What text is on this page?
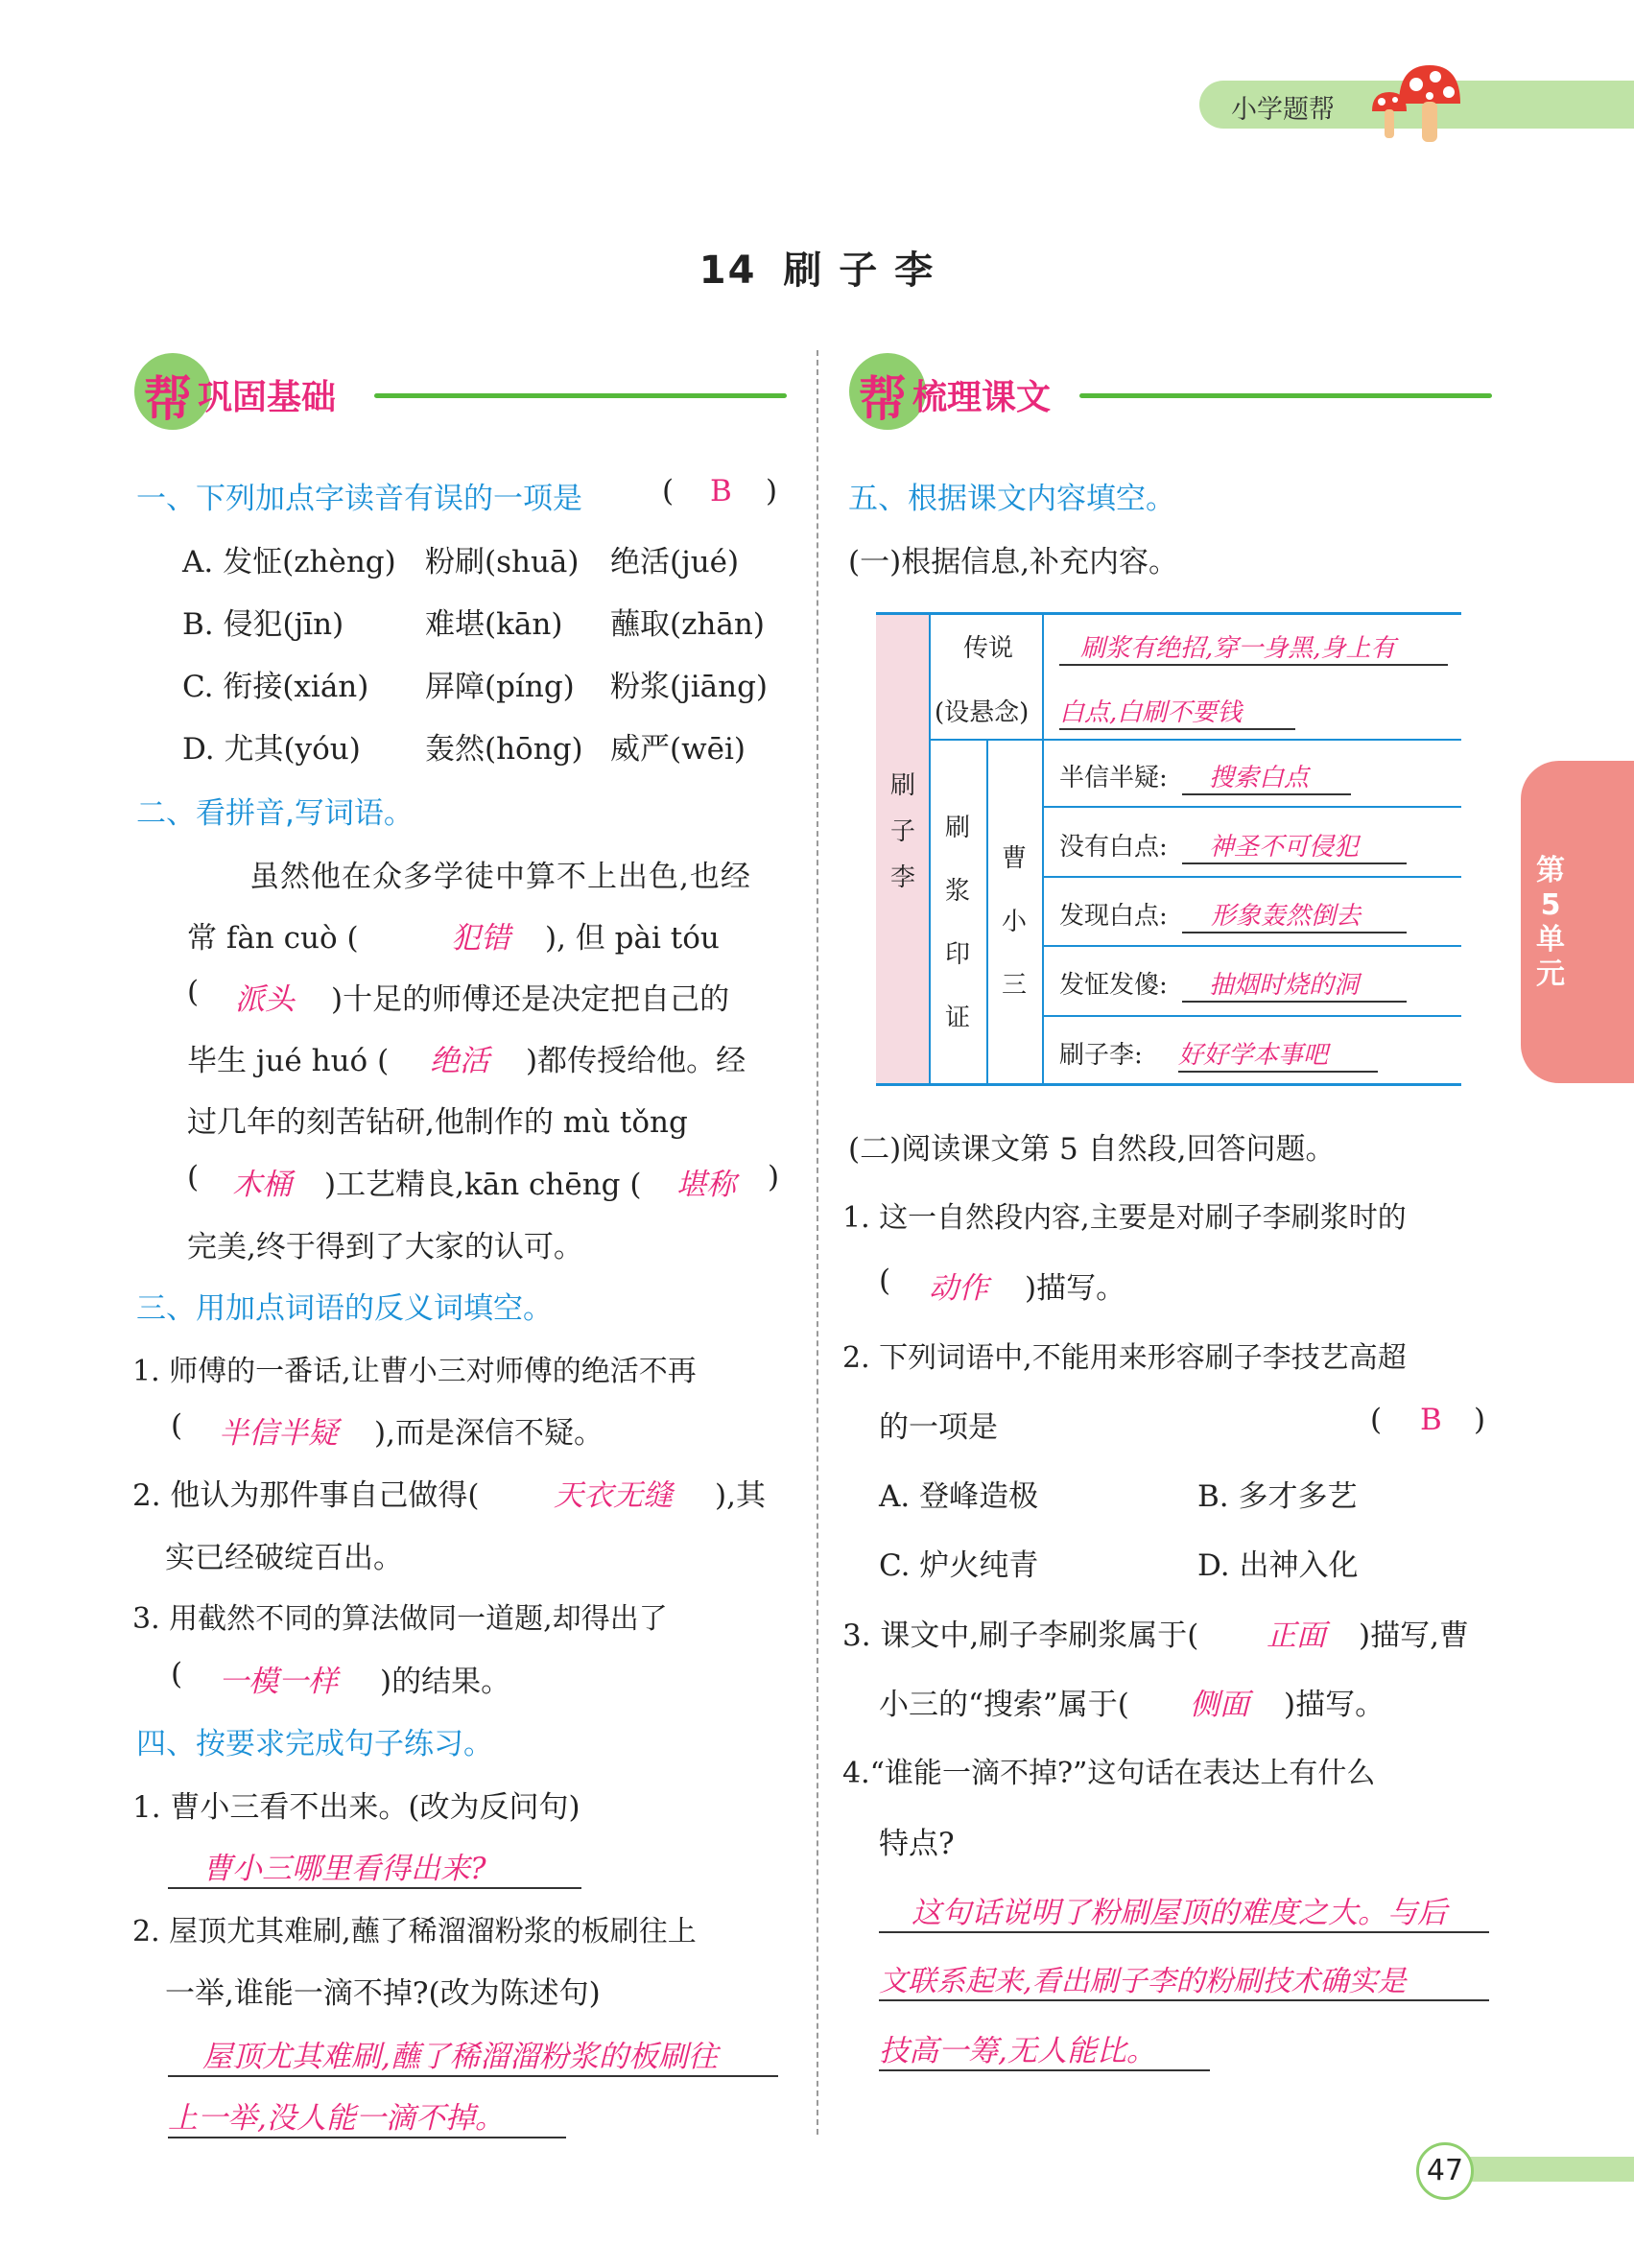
小学题帮
14 刷 子 李
帮 巩固基础	帮 梳理课文
一、下列加点字读音有误的一项是	( B )
A. 发怔(zhèng) 粉刷(shuā) 绝活(jué)
B. 侵犯(jīn)	难堪(kān) 蘸取(zhān)
C. 衔接(xián) 屏障(píng) 粉浆(jiāng)
D. 尤其(yóu) 轰然(hōng) 威严(wēi)
二、看拼音,写词语。
虽然他在众多学徒中算不上出色,也经
常 fàn cuò (	犯错 ), 但 pài tóu
( 派头 )十足的师傅还是决定把自己的
毕生 jué huó ( 绝活 )都传授给他。经
过几年的刻苦钻研,他制作的 mù tǒng
( 木桶 )工艺精良,kān chēng ( 堪称 )
完美,终于得到了大家的认可。
三、用加点词语的反义词填空。
1. 师傅的一番话,让曹小三对师傅的绝活不再
( 半信半疑 ),而是深信不疑。
2. 他认为那件事自己做得( 天衣无缝 ),其
实已经破绽百出。
3. 用截然不同的算法做同一道题,却得出了
( 一模一样 )的结果。
四、按要求完成句子练习。
1. 曹小三看不出来。(改为反问句)
曹小三哪里看得出来?
2. 屋顶尤其难刷,蘸了稀溜溜粉浆的板刷往上
一举,谁能一滴不掉?(改为陈述句)
屋顶尤其难刷,蘸了稀溜溜粉浆的板刷往
上一举,没人能一滴不掉。
五、根据课文内容填空。
(一)根据信息,补充内容。
刷子李
传说
(设悬念)
刷浆有绝招,穿一身黑,身上有
白点,白刷不要钱
刷浆印证
曹小三
半信半疑:	搜索白点
没有白点:	神圣不可侵犯
发现白点:	形象轰然倒去
发怔发傻:	抽烟时烧的洞
刷子李: 好好学本事吧
(二)阅读课文第 5 自然段,回答问题。
1. 这一自然段内容,主要是对刷子李刷浆时的
( 动作 )描写。
2. 下列词语中,不能用来形容刷子李技艺高超
的一项是	( B )
A. 登峰造极	B. 多才多艺
C. 炉火纯青	D. 出神入化
3. 课文中,刷子李刷浆属于( 正面 )描写,曹
小三的“搜索”属于( 侧面 )描写。
4.“谁能一滴不掉?”这句话在表达上有什么
特点?
这句话说明了粉刷屋顶的难度之大。与后
文联系起来,看出刷子李的粉刷技术确实是
技高一筹,无人能比。
第5单元
47
